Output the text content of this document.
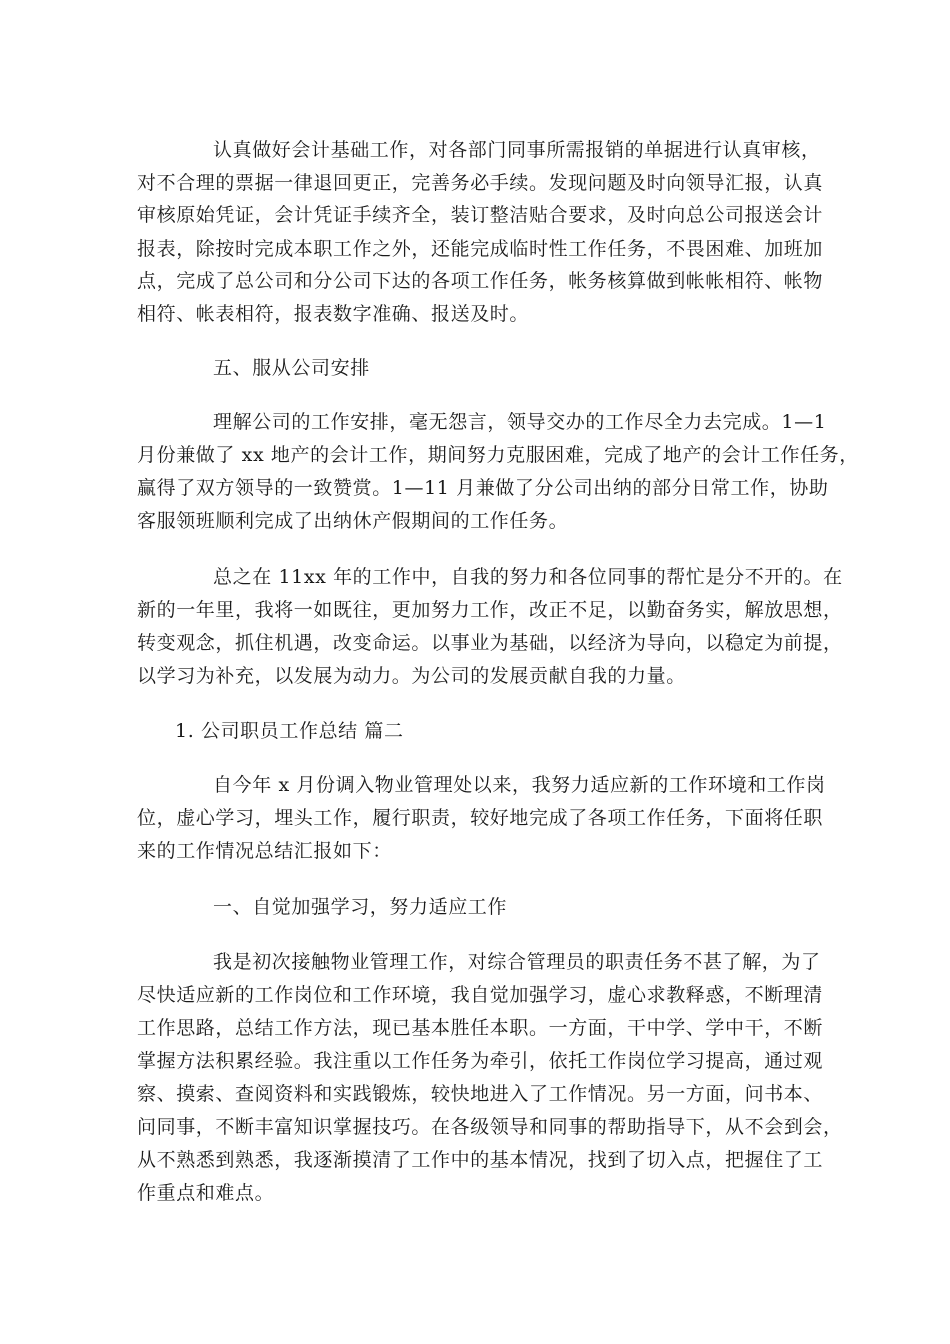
认真做好会计基础工作，对各部门同事所需报销的单据进行认真审核，
对不合理的票据一律退回更正，完善务必手续。发现问题及时向领导汇报，认真
审核原始凭证，会计凭证手续齐全，装订整洁贴合要求，及时向总公司报送会计
报表，除按时完成本职工作之外，还能完成临时性工作任务，不畏困难、加班加
点，完成了总公司和分公司下达的各项工作任务，帐务核算做到帐帐相符、帐物
相符、帐表相符，报表数字准确、报送及时。
五、服从公司安排
理解公司的工作安排，毫无怨言，领导交办的工作尽全力去完成。1—1
月份兼做了 xx 地产的会计工作，期间努力克服困难，完成了地产的会计工作任务，
赢得了双方领导的一致赞赏。1—11 月兼做了分公司出纳的部分日常工作，协助
客服领班顺利完成了出纳休产假期间的工作任务。
总之在 11xx 年的工作中，自我的努力和各位同事的帮忙是分不开的。在
新的一年里，我将一如既往，更加努力工作，改正不足，以勤奋务实，解放思想，
转变观念，抓住机遇，改变命运。以事业为基础，以经济为导向，以稳定为前提，
以学习为补充，以发展为动力。为公司的发展贡献自我的力量。
1. 公司职员工作总结 篇二
自今年 x 月份调入物业管理处以来，我努力适应新的工作环境和工作岗
位，虚心学习，埋头工作，履行职责，较好地完成了各项工作任务，下面将任职
来的工作情况总结汇报如下：
一、自觉加强学习，努力适应工作
我是初次接触物业管理工作，对综合管理员的职责任务不甚了解，为了
尽快适应新的工作岗位和工作环境，我自觉加强学习，虚心求教释惑，不断理清
工作思路，总结工作方法，现已基本胜任本职。一方面，干中学、学中干，不断
掌握方法积累经验。我注重以工作任务为牵引，依托工作岗位学习提高，通过观
察、摸索、查阅资料和实践锻炼，较快地进入了工作情况。另一方面，问书本、
问同事，不断丰富知识掌握技巧。在各级领导和同事的帮助指导下，从不会到会，
从不熟悉到熟悉，我逐渐摸清了工作中的基本情况，找到了切入点，把握住了工
作重点和难点。
